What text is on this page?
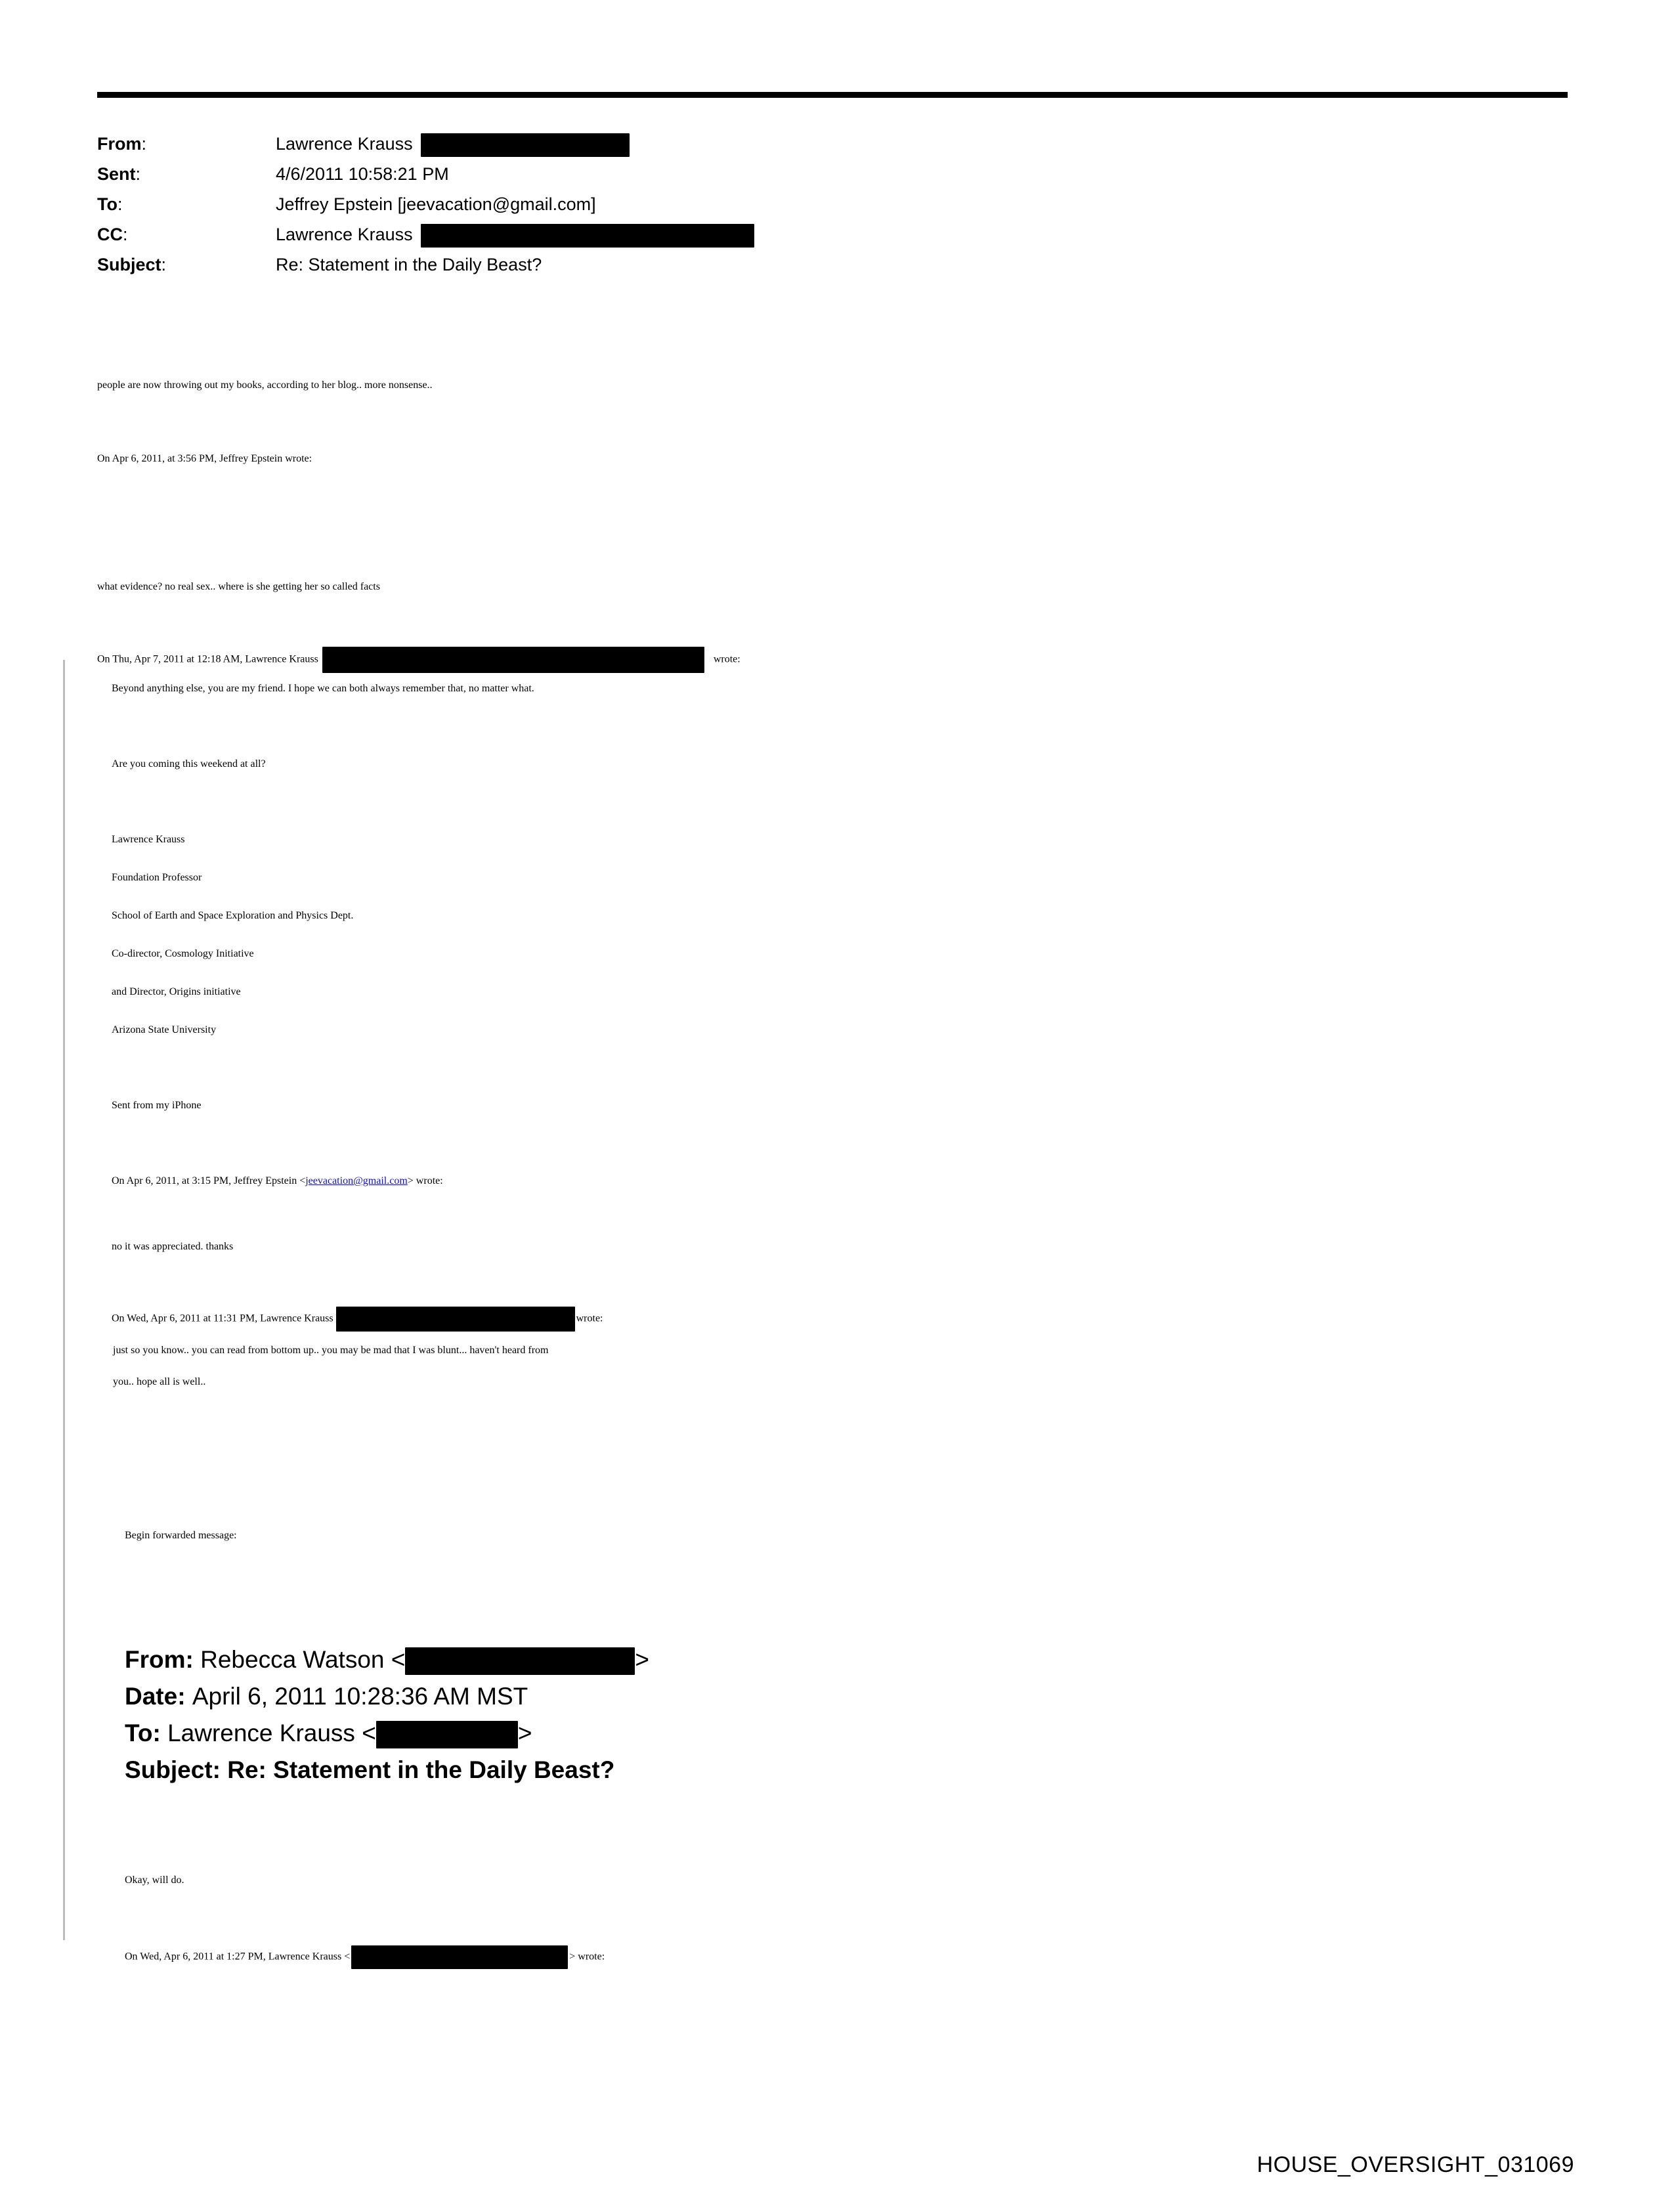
From:	Lawrence Krauss
Sent:	4/6/2011 10:58:21 PM
To:	Jeffrey Epstein [jeevacation@gmail.com]
CC:	Lawrence Krauss
Subject:	Re: Statement in the Daily Beast?
people are now throwing out my books, according to her blog.. more nonsense..
On Apr 6, 2011, at 3:56 PM, Jeffrey Epstein wrote:
what evidence? no real sex.. where is she getting her so called facts
On Thu, Apr 7, 2011 at 12:18 AM, Lawrence Krauss	wrote:
Beyond anything else, you are my friend. I hope we can both always remember that, no matter what.
Are you coming this weekend at all?
Lawrence Krauss
Foundation Professor
School of Earth and Space Exploration and Physics Dept.
Co-director, Cosmology Initiative
and Director, Origins initiative
Arizona State University
Sent from my iPhone
On Apr 6, 2011, at 3:15 PM, Jeffrey Epstein <jeevacation@gmail.com> wrote:
no it was appreciated. thanks
On Wed, Apr 6, 2011 at 11:31 PM, Lawrence Krauss	wrote:
just so you know.. you can read from bottom up.. you may be mad that I was blunt... haven't heard from
you.. hope all is well..
Begin forwarded message:
From: Rebecca Watson <	>
Date: April 6, 2011 10:28:36 AM MST
To: Lawrence Krauss <	>
Subject: Re: Statement in the Daily Beast?
Okay, will do.
On Wed, Apr 6, 2011 at 1:27 PM, Lawrence Krauss <	> wrote:
HOUSE_OVERSIGHT_031069
